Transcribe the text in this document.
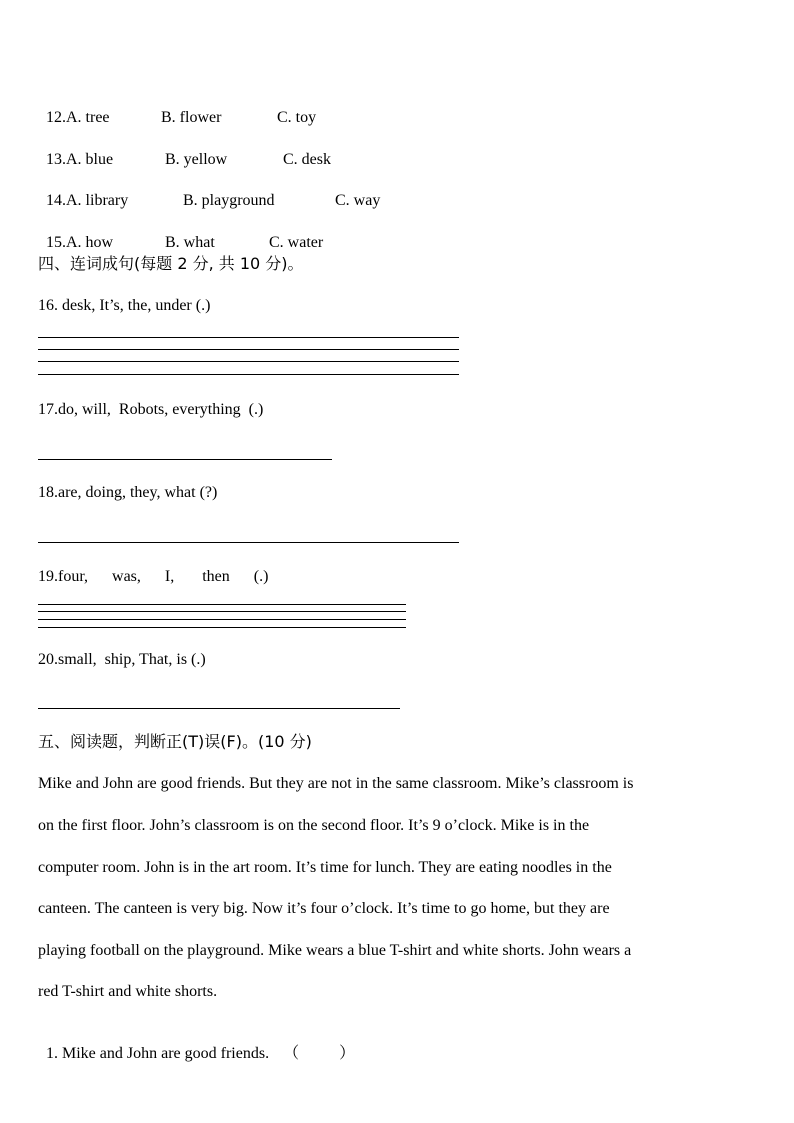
12.A. tree	B. flower	C. toy

13.A. blue	B. yellow	C. desk

14.A. library	B. playground	C. way

15.A. how	B. what	C. water

四、连词成句(每题 2 分, 共 10 分)。
16. desk, It’s, the, under (.)
17.do, will,  Robots, everything  (.)
18.are, doing, they, what (?)
19.four,      was,      I,       then      (.)
20.small,  ship, That, is (.)
五、阅读题，判断正(T)误(F)。(10 分)
Mike and John are good friends. But they are not in the same classroom. Mike’s classroom is
on the first floor. John’s classroom is on the second floor. It’s 9 o’clock. Mike is in the
computer room. John is in the art room. It’s time for lunch. They are eating noodles in the
canteen. The canteen is very big. Now it’s four o’clock. It’s time to go home, but they are
playing football on the playground. Mike wears a blue T-shirt and white shorts. John wears a
red T-shirt and white shorts.

1. Mike and John are good friends. （          ）
